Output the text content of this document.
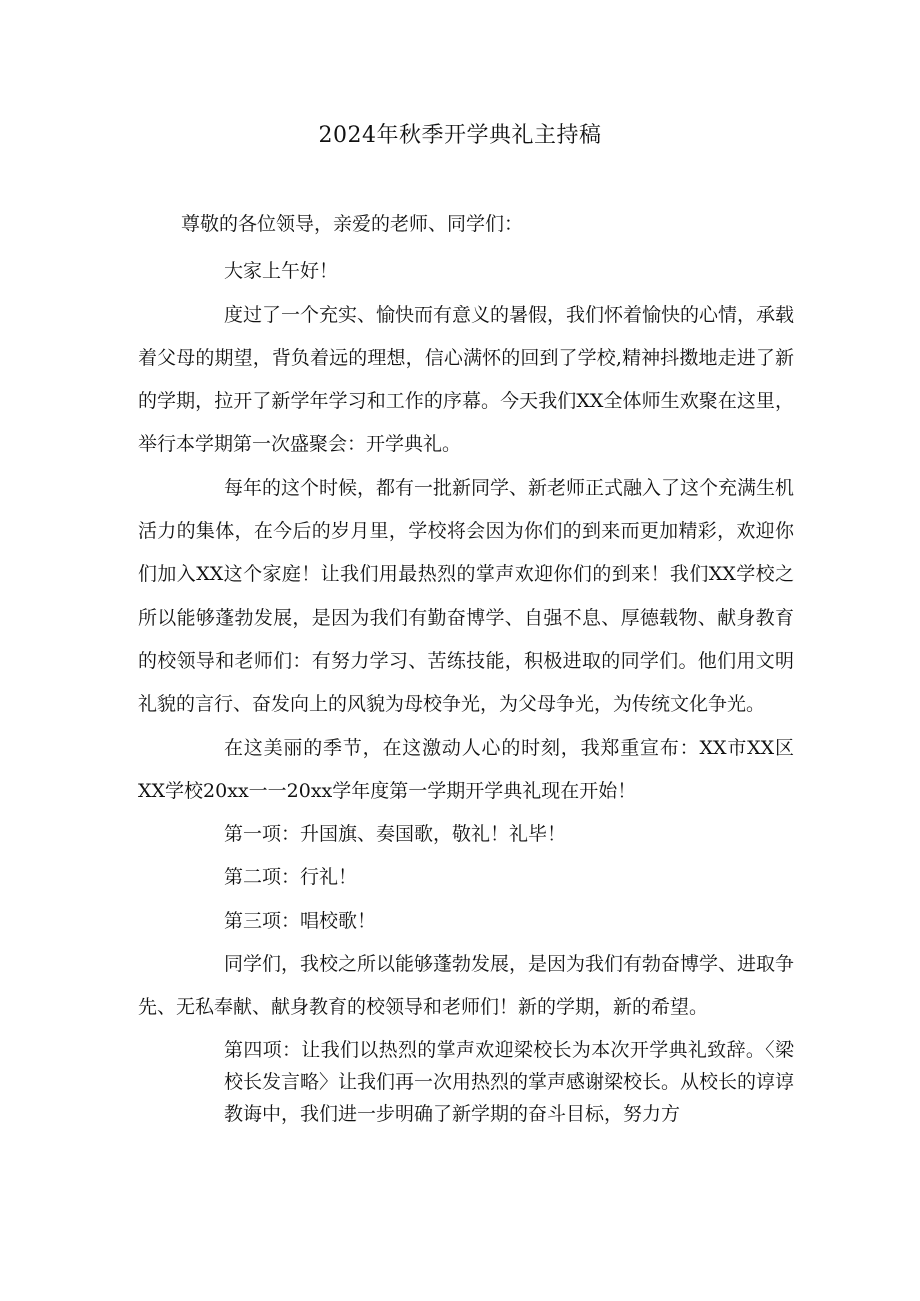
2024年秋季开学典礼主持稿

尊敬的各位领导，亲爱的老师、同学们：

大家上午好！

度过了一个充实、愉快而有意义的暑假，我们怀着愉快的心情，承载着父母的期望，背负着远的理想，信心满怀的回到了学校,精神抖擞地走进了新的学期，拉开了新学年学习和工作的序幕。今天我们XX全体师生欢聚在这里，举行本学期第一次盛聚会：开学典礼。

每年的这个时候，都有一批新同学、新老师正式融入了这个充满生机活力的集体，在今后的岁月里，学校将会因为你们的到来而更加精彩，欢迎你们加入XX这个家庭！让我们用最热烈的掌声欢迎你们的到来！我们XX学校之所以能够蓬勃发展，是因为我们有勤奋博学、自强不息、厚德载物、献身教育的校领导和老师们：有努力学习、苦练技能，积极进取的同学们。他们用文明礼貌的言行、奋发向上的风貌为母校争光，为父母争光，为传统文化争光。

在这美丽的季节，在这激动人心的时刻，我郑重宣布：XX市XX区XX学校20xx一一20xx学年度第一学期开学典礼现在开始！

第一项：升国旗、奏国歌，敬礼！礼毕！

第二项：行礼！

第三项：唱校歌！

同学们，我校之所以能够蓬勃发展，是因为我们有勃奋博学、进取争先、无私奉献、献身教育的校领导和老师们！新的学期，新的希望。

第四项：让我们以热烈的掌声欢迎梁校长为本次开学典礼致辞。〈梁校长发言略〉让我们再一次用热烈的掌声感谢梁校长。从校长的谆谆教诲中，我们进一步明确了新学期的奋斗目标，努力方
